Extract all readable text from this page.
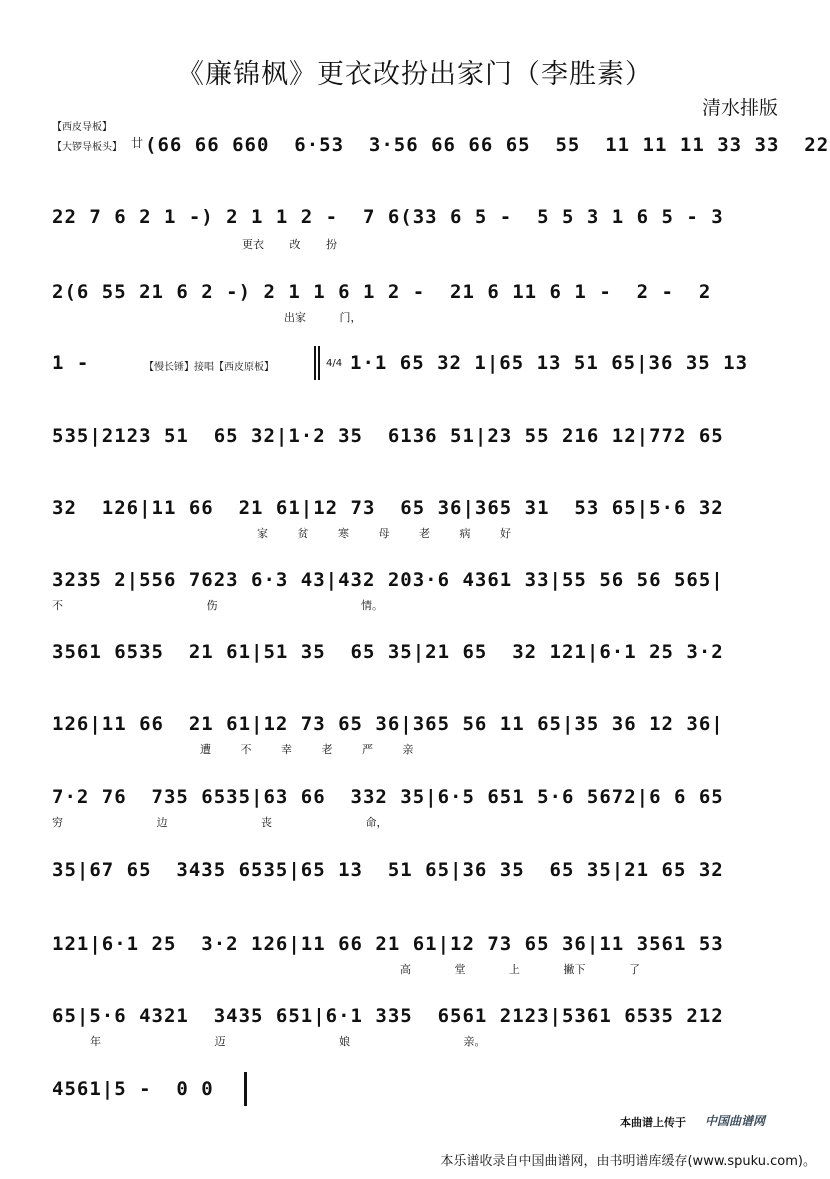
《廉锦枫》更衣改扮出家门（李胜素）
清水排版
【西皮导板】
【大锣导板头】 廿 (66 66 660  6·53  3·56 66 66 65  55  11 11 11 33 33  22
22 7 6 2 1 -) 2 1 1 2 -  7 6(33 6 5 -  5 5 3 1 6 5 - 3
更衣 改 扮
2(6 55 21 6 2 -) 2 1 1 6 1 2 -  21 6 11 6 1 -  2 -  2
出家 门，
1 -	【慢长锤】接唱【西皮原板】	4/4 1·1 65 32 1|65 13 51 65|36 35 13
535|2123 51  65 32|1·2 35  6136 51|23 55 216 12|772 65
32  126|11 66  21 61|12 73  65 36|365 31  53 65|5·6 32
家 贫 寒 母 老 病 好
3235 2|556 7623 6·3 43|432 203·6 4361 33|55 56 56 565|
不 伤 情。
3561 6535  21 61|51 35  65 35|21 65  32 121|6·1 25 3·2
126|11 66  21 61|12 73 65 36|365 56 11 65|35 36 12 36|
遭 不 幸 老 严 亲
7·2 76  735 6535|63 66  332 35|6·5 651 5·6 5672|6 6 65
穷 边 丧 命，
35|67 65  3435 6535|65 13  51 65|36 35  65 35|21 65 32
121|6·1 25  3·2 126|11 66 21 61|12 73 65 36|11 3561 53
高 堂 上 撇下 了
65|5·6 4321  3435 651|6·1 335  6561 2123|5361 6535 212
年 迈 娘 亲。
4561|5 -  0 0
本曲谱上传于 中国曲谱网
本乐谱收录自中国曲谱网，由书明谱库缓存(www.spuku.com)。
